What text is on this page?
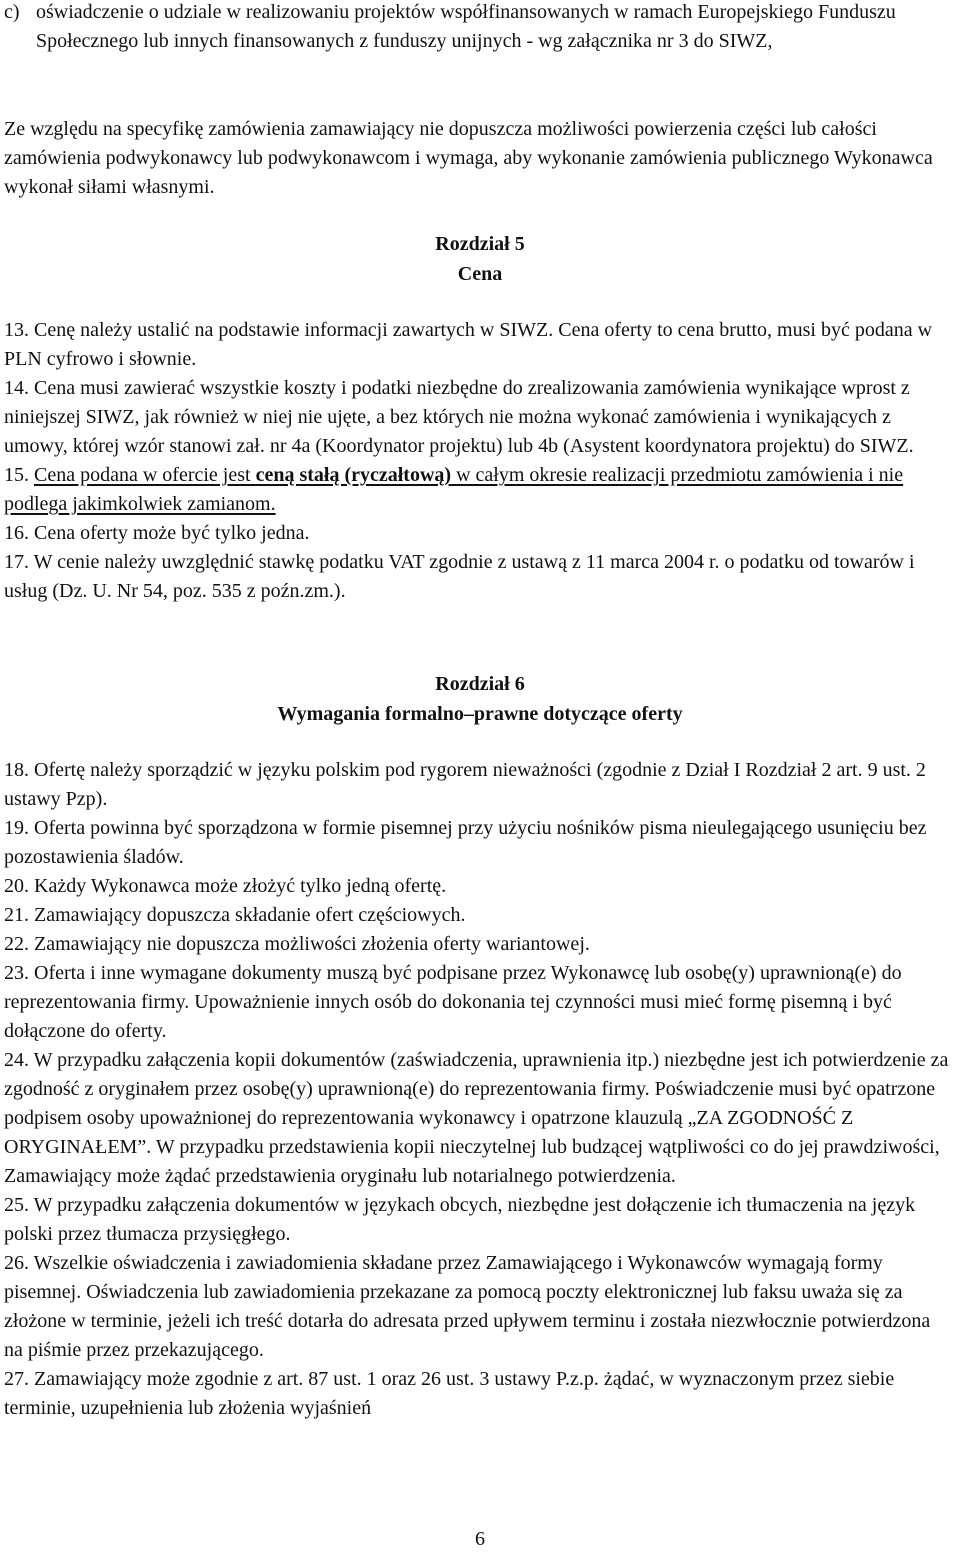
c) oświadczenie o udziale w realizowaniu projektów współfinansowanych w ramach Europejskiego Funduszu Społecznego lub innych finansowanych z funduszy unijnych - wg załącznika nr 3 do SIWZ,

Ze względu na specyfikę zamówienia zamawiający nie dopuszcza możliwości powierzenia części lub całości zamówienia podwykonawcy lub podwykonawcom i wymaga, aby wykonanie zamówienia publicznego Wykonawca wykonał siłami własnymi.

Rozdział 5
Cena

13. Cenę należy ustalić na podstawie informacji zawartych w SIWZ. Cena oferty to cena brutto, musi być podana w PLN cyfrowo i słownie.

14. Cena musi zawierać wszystkie koszty i podatki niezbędne do zrealizowania zamówienia wynikające wprost z niniejszej SIWZ, jak również w niej nie ujęte, a bez których nie można wykonać zamówienia i wynikających z umowy, której wzór stanowi zał. nr 4a (Koordynator projektu) lub 4b (Asystent koordynatora projektu) do SIWZ.

15. Cena podana w ofercie jest ceną stałą (ryczałtową) w całym okresie realizacji przedmiotu zamówienia i nie podlega jakimkolwiek zamianom.

16. Cena oferty może być tylko jedna.

17. W cenie należy uwzględnić stawkę podatku VAT zgodnie z ustawą z 11 marca 2004 r. o podatku od towarów i usług (Dz. U. Nr 54, poz. 535 z poźn.zm.).

Rozdział 6
Wymagania formalno–prawne dotyczące oferty

18. Ofertę należy sporządzić w języku polskim pod rygorem nieważności (zgodnie z Dział I Rozdział 2 art. 9 ust. 2 ustawy Pzp).

19. Oferta powinna być sporządzona w formie pisemnej przy użyciu nośników pisma nieulegającego usunięciu bez pozostawienia śladów.

20. Każdy Wykonawca może złożyć tylko jedną ofertę.

21. Zamawiający dopuszcza składanie ofert częściowych.

22. Zamawiający nie dopuszcza możliwości złożenia oferty wariantowej.

23. Oferta i inne wymagane dokumenty muszą być podpisane przez Wykonawcę lub osobę(y) uprawnioną(e) do reprezentowania firmy. Upoważnienie innych osób do dokonania tej czynności musi mieć formę pisemną i być dołączone do oferty.

24. W przypadku załączenia kopii dokumentów (zaświadczenia, uprawnienia itp.) niezbędne jest ich potwierdzenie za zgodność z oryginałem przez osobę(y) uprawnioną(e) do reprezentowania firmy. Poświadczenie musi być opatrzone podpisem osoby upoważnionej do reprezentowania wykonawcy i opatrzone klauzulą „ZA ZGODNOŚĆ Z ORYGINAŁEM”. W przypadku przedstawienia kopii nieczytelnej lub budzącej wątpliwości co do jej prawdziwości, Zamawiający może żądać przedstawienia oryginału lub notarialnego potwierdzenia.

25. W przypadku załączenia dokumentów w językach obcych, niezbędne jest dołączenie ich tłumaczenia na język polski przez tłumacza przysięgłego.

26. Wszelkie oświadczenia i zawiadomienia składane przez Zamawiającego i Wykonawców wymagają formy pisemnej. Oświadczenia lub zawiadomienia przekazane za pomocą poczty elektronicznej lub faksu uważa się za złożone w terminie, jeżeli ich treść dotarła do adresata przed upływem terminu i została niezwłocznie potwierdzona na piśmie przez przekazującego.

27. Zamawiający może zgodnie z art. 87 ust. 1 oraz 26 ust. 3 ustawy P.z.p. żądać, w wyznaczonym przez siebie terminie, uzupełnienia lub złożenia wyjaśnień

6
